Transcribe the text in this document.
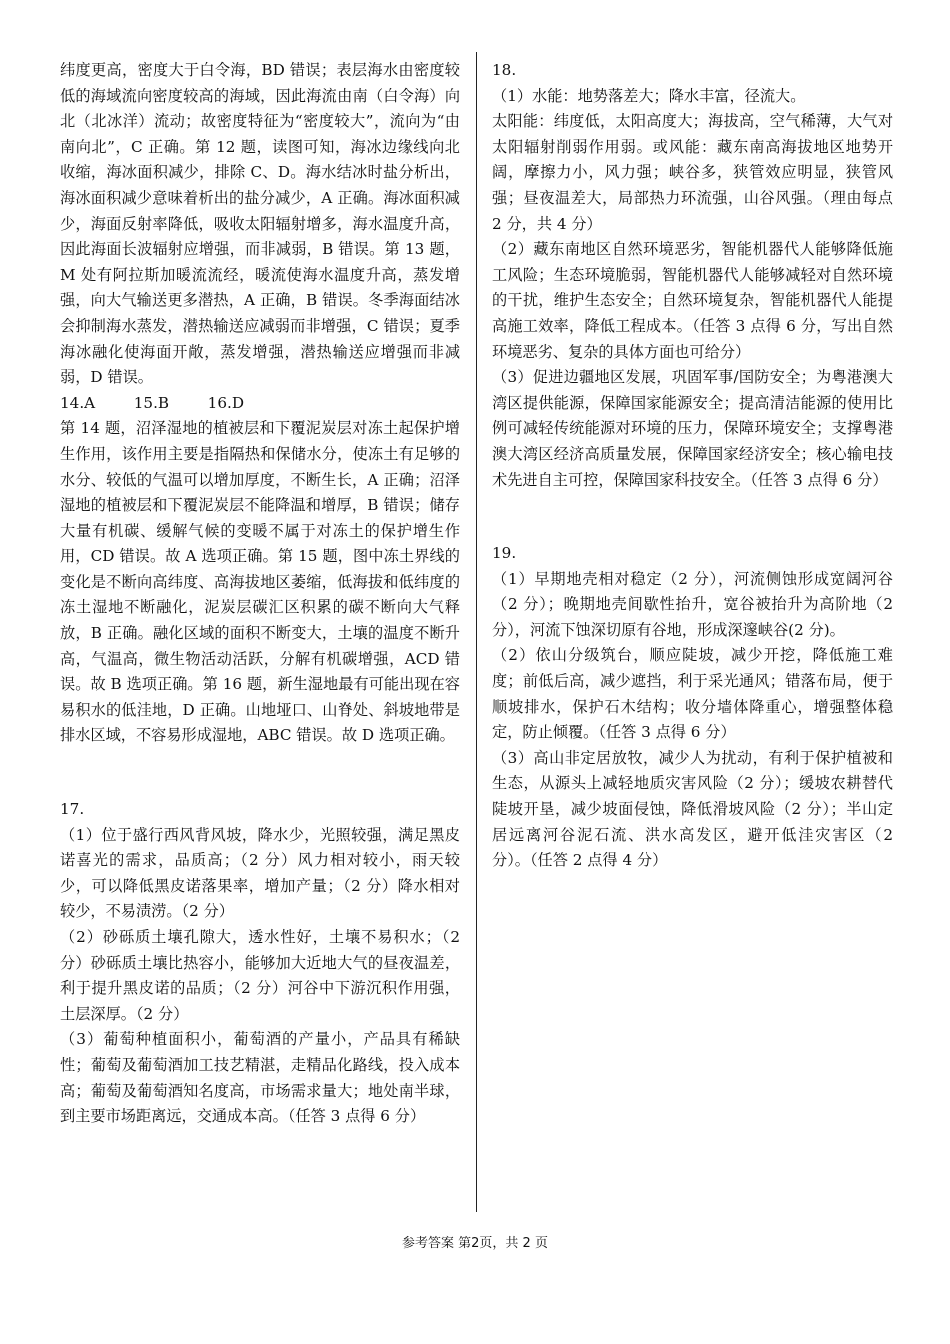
纬度更高，密度大于白令海，BD 错误；表层海水由密度较低的海域流向密度较高的海域，因此海流由南（白令海）向北（北冰洋）流动；故密度特征为“密度较大”，流向为“由南向北”，C 正确。第 12 题，读图可知，海冰边缘线向北收缩，海冰面积减少，排除 C、D。海水结冰时盐分析出，海冰面积减少意味着析出的盐分减少，A 正确。海冰面积减少，海面反射率降低，吸收太阳辐射增多，海水温度升高，因此海面长波辐射应增强，而非减弱，B 错误。第 13 题，M 处有阿拉斯加暖流流经，暖流使海水温度升高，蒸发增强，向大气输送更多潜热，A 正确，B 错误。冬季海面结冰会抑制海水蒸发，潜热输送应减弱而非增强，C 错误；夏季海冰融化使海面开敞，蒸发增强，潜热输送应增强而非减弱，D 错误。

14.A        15.B        16.D

第 14 题，沼泽湿地的植被层和下覆泥炭层对冻土起保护增生作用，该作用主要是指隔热和保储水分，使冻土有足够的水分、较低的气温可以增加厚度，不断生长，A 正确；沼泽湿地的植被层和下覆泥炭层不能降温和增厚，B 错误；储存大量有机碳、缓解气候的变暖不属于对冻土的保护增生作用，CD 错误。故 A 选项正确。第 15 题，图中冻土界线的变化是不断向高纬度、高海拔地区萎缩，低海拔和低纬度的冻土湿地不断融化，泥炭层碳汇区积累的碳不断向大气释放，B 正确。融化区域的面积不断变大，土壤的温度不断升高，气温高，微生物活动活跃，分解有机碳增强，ACD 错误。故 B 选项正确。第 16 题，新生湿地最有可能出现在容易积水的低洼地，D 正确。山地垭口、山脊处、斜坡地带是排水区域，不容易形成湿地，ABC 错误。故 D 选项正确。

17.

（1）位于盛行西风背风坡，降水少，光照较强，满足黑皮诺喜光的需求，品质高；（2 分）风力相对较小，雨天较少，可以降低黑皮诺落果率，增加产量；（2 分）降水相对较少，不易渍涝。（2 分）

（2）砂砾质土壤孔隙大，透水性好，土壤不易积水；（2 分）砂砾质土壤比热容小，能够加大近地大气的昼夜温差，利于提升黑皮诺的品质；（2 分）河谷中下游沉积作用强，土层深厚。（2 分）

（3）葡萄种植面积小，葡萄酒的产量小，产品具有稀缺性；葡萄及葡萄酒加工技艺精湛，走精品化路线，投入成本高；葡萄及葡萄酒知名度高，市场需求量大；地处南半球，到主要市场距离远，交通成本高。（任答 3 点得 6 分）

18.

（1）水能：地势落差大；降水丰富，径流大。

太阳能：纬度低，太阳高度大；海拔高，空气稀薄，大气对太阳辐射削弱作用弱。或风能：藏东南高海拔地区地势开阔，摩擦力小，风力强；峡谷多，狭管效应明显，狭管风强；昼夜温差大，局部热力环流强，山谷风强。（理由每点 2 分，共 4 分）

（2）藏东南地区自然环境恶劣，智能机器代人能够降低施工风险；生态环境脆弱，智能机器代人能够减轻对自然环境的干扰，维护生态安全；自然环境复杂，智能机器代人能提高施工效率，降低工程成本。（任答 3 点得 6 分，写出自然环境恶劣、复杂的具体方面也可给分）

（3）促进边疆地区发展，巩固军事/国防安全；为粤港澳大湾区提供能源，保障国家能源安全；提高清洁能源的使用比例可减轻传统能源对环境的压力，保障环境安全；支撑粤港澳大湾区经济高质量发展，保障国家经济安全；核心输电技术先进自主可控，保障国家科技安全。（任答 3 点得 6 分）

19.

（1）早期地壳相对稳定（2 分），河流侧蚀形成宽阔河谷（2 分）；晚期地壳间歇性抬升，宽谷被抬升为高阶地（2 分），河流下蚀深切原有谷地，形成深邃峡谷(2 分)。

（2）依山分级筑台，顺应陡坡，减少开挖，降低施工难度；前低后高，减少遮挡，利于采光通风；错落布局，便于顺坡排水，保护石木结构；收分墙体降重心，增强整体稳定，防止倾覆。（任答 3 点得 6 分）

（3）高山非定居放牧，减少人为扰动，有利于保护植被和生态，从源头上减轻地质灾害风险（2 分）；缓坡农耕替代陡坡开垦，减少坡面侵蚀，降低滑坡风险（2 分）；半山定居远离河谷泥石流、洪水高发区，避开低洼灾害区（2 分）。（任答 2 点得 4 分）

参考答案 第2页，共 2 页
